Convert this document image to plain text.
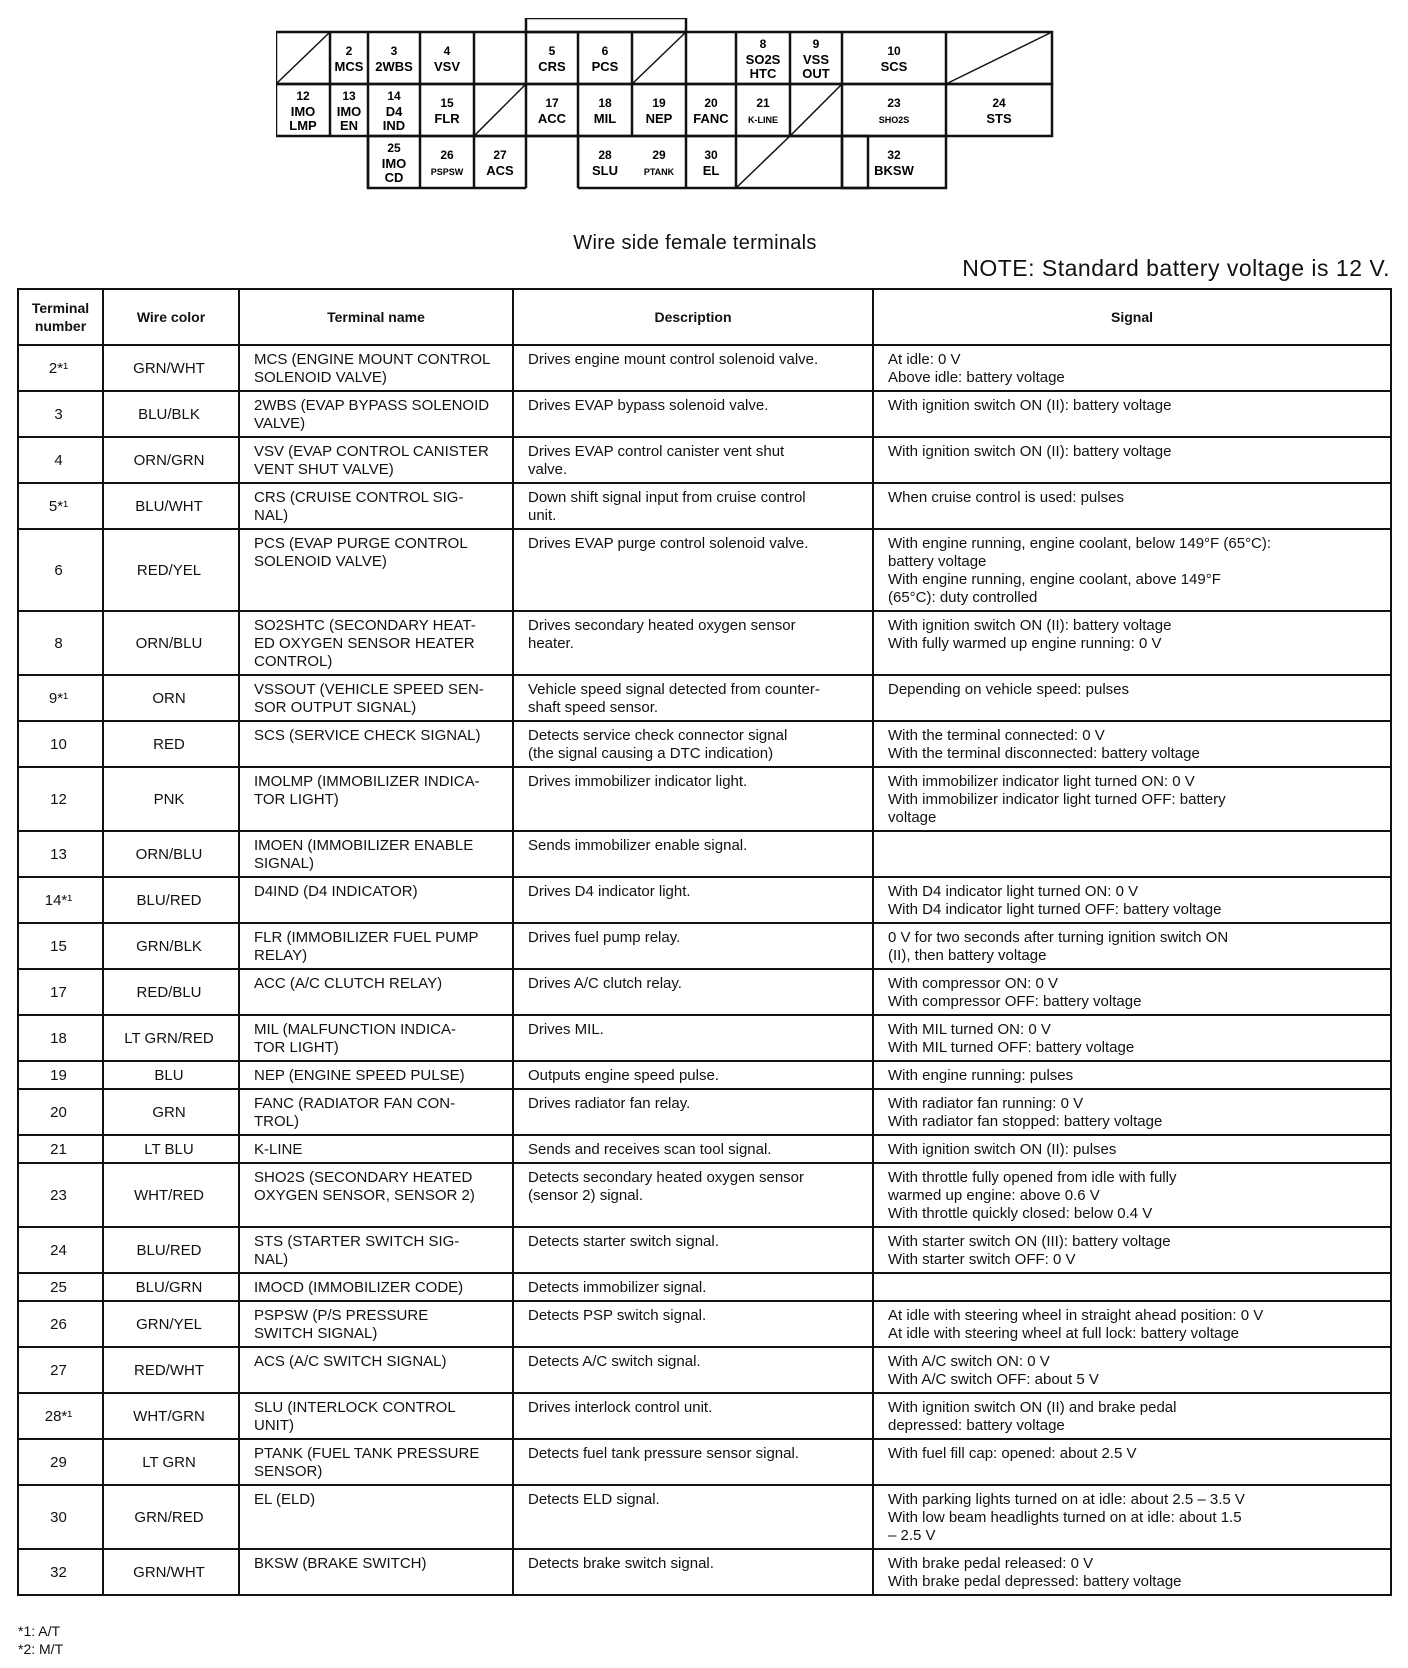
2
MCS
3
2WBS
4
VSV
5
CRS
6
PCS
8
SO2S
HTC
9
VSS
OUT
10
SCS
12
IMO
LMP
13
IMO
EN
14
D4
IND
15
FLR
17
ACC
18
MIL
19
NEP
20
FANC
21
K-LINE
23
SHO2S
24
STS
25
IMO
CD
26
PSPSW
27
ACS
28
SLU
29
PTANK
30
EL
32
BKSW
Wire side female terminals
NOTE: Standard battery voltage is 12 V.
Terminal
number	Wire color	Terminal name	Description	Signal
2*¹	GRN/WHT	MCS (ENGINE MOUNT CONTROL
SOLENOID VALVE)	Drives engine mount control solenoid valve.	At idle: 0 V
Above idle: battery voltage
3	BLU/BLK	2WBS (EVAP BYPASS SOLENOID
VALVE)	Drives EVAP bypass solenoid valve.	With ignition switch ON (II): battery voltage
4	ORN/GRN	VSV (EVAP CONTROL CANISTER
VENT SHUT VALVE)	Drives EVAP control canister vent shut
valve.	With ignition switch ON (II): battery voltage
5*¹	BLU/WHT	CRS (CRUISE CONTROL SIG-
NAL)	Down shift signal input from cruise control
unit.	When cruise control is used: pulses
6	RED/YEL	PCS (EVAP PURGE CONTROL
SOLENOID VALVE)	Drives EVAP purge control solenoid valve.	With engine running, engine coolant, below 149°F (65°C):
battery voltage
With engine running, engine coolant, above 149°F
(65°C): duty controlled
8	ORN/BLU	SO2SHTC (SECONDARY HEAT-
ED OXYGEN SENSOR HEATER
CONTROL)	Drives secondary heated oxygen sensor
heater.	With ignition switch ON (II): battery voltage
With fully warmed up engine running: 0 V
9*¹	ORN	VSSOUT (VEHICLE SPEED SEN-
SOR OUTPUT SIGNAL)	Vehicle speed signal detected from counter-
shaft speed sensor.	Depending on vehicle speed: pulses
10	RED	SCS (SERVICE CHECK SIGNAL)	Detects service check connector signal
(the signal causing a DTC indication)	With the terminal connected: 0 V
With the terminal disconnected: battery voltage
12	PNK	IMOLMP (IMMOBILIZER INDICA-
TOR LIGHT)	Drives immobilizer indicator light.	With immobilizer indicator light turned ON: 0 V
With immobilizer indicator light turned OFF: battery
voltage
13	ORN/BLU	IMOEN (IMMOBILIZER ENABLE
SIGNAL)	Sends immobilizer enable signal.	
14*¹	BLU/RED	D4IND (D4 INDICATOR)	Drives D4 indicator light.	With D4 indicator light turned ON: 0 V
With D4 indicator light turned OFF: battery voltage
15	GRN/BLK	FLR (IMMOBILIZER FUEL PUMP
RELAY)	Drives fuel pump relay.	0 V for two seconds after turning ignition switch ON
(II), then battery voltage
17	RED/BLU	ACC (A/C CLUTCH RELAY)	Drives A/C clutch relay.	With compressor ON: 0 V
With compressor OFF: battery voltage
18	LT GRN/RED	MIL (MALFUNCTION INDICA-
TOR LIGHT)	Drives MIL.	With MIL turned ON: 0 V
With MIL turned OFF: battery voltage
19	BLU	NEP (ENGINE SPEED PULSE)	Outputs engine speed pulse.	With engine running: pulses
20	GRN	FANC (RADIATOR FAN CON-
TROL)	Drives radiator fan relay.	With radiator fan running: 0 V
With radiator fan stopped: battery voltage
21	LT BLU	K-LINE	Sends and receives scan tool signal.	With ignition switch ON (II): pulses
23	WHT/RED	SHO2S (SECONDARY HEATED
OXYGEN SENSOR, SENSOR 2)	Detects secondary heated oxygen sensor
(sensor 2) signal.	With throttle fully opened from idle with fully
warmed up engine: above 0.6 V
With throttle quickly closed: below 0.4 V
24	BLU/RED	STS (STARTER SWITCH SIG-
NAL)	Detects starter switch signal.	With starter switch ON (III): battery voltage
With starter switch OFF: 0 V
25	BLU/GRN	IMOCD (IMMOBILIZER CODE)	Detects immobilizer signal.	
26	GRN/YEL	PSPSW (P/S PRESSURE
SWITCH SIGNAL)	Detects PSP switch signal.	At idle with steering wheel in straight ahead position: 0 V
At idle with steering wheel at full lock: battery voltage
27	RED/WHT	ACS (A/C SWITCH SIGNAL)	Detects A/C switch signal.	With A/C switch ON: 0 V
With A/C switch OFF: about 5 V
28*¹	WHT/GRN	SLU (INTERLOCK CONTROL
UNIT)	Drives interlock control unit.	With ignition switch ON (II) and brake pedal
depressed: battery voltage
29	LT GRN	PTANK (FUEL TANK PRESSURE
SENSOR)	Detects fuel tank pressure sensor signal.	With fuel fill cap: opened: about 2.5 V
30	GRN/RED	EL (ELD)	Detects ELD signal.	With parking lights turned on at idle: about 2.5 – 3.5 V
With low beam headlights turned on at idle: about 1.5
– 2.5 V
32	GRN/WHT	BKSW (BRAKE SWITCH)	Detects brake switch signal.	With brake pedal released: 0 V
With brake pedal depressed: battery voltage
*1: A/T
*2: M/T
